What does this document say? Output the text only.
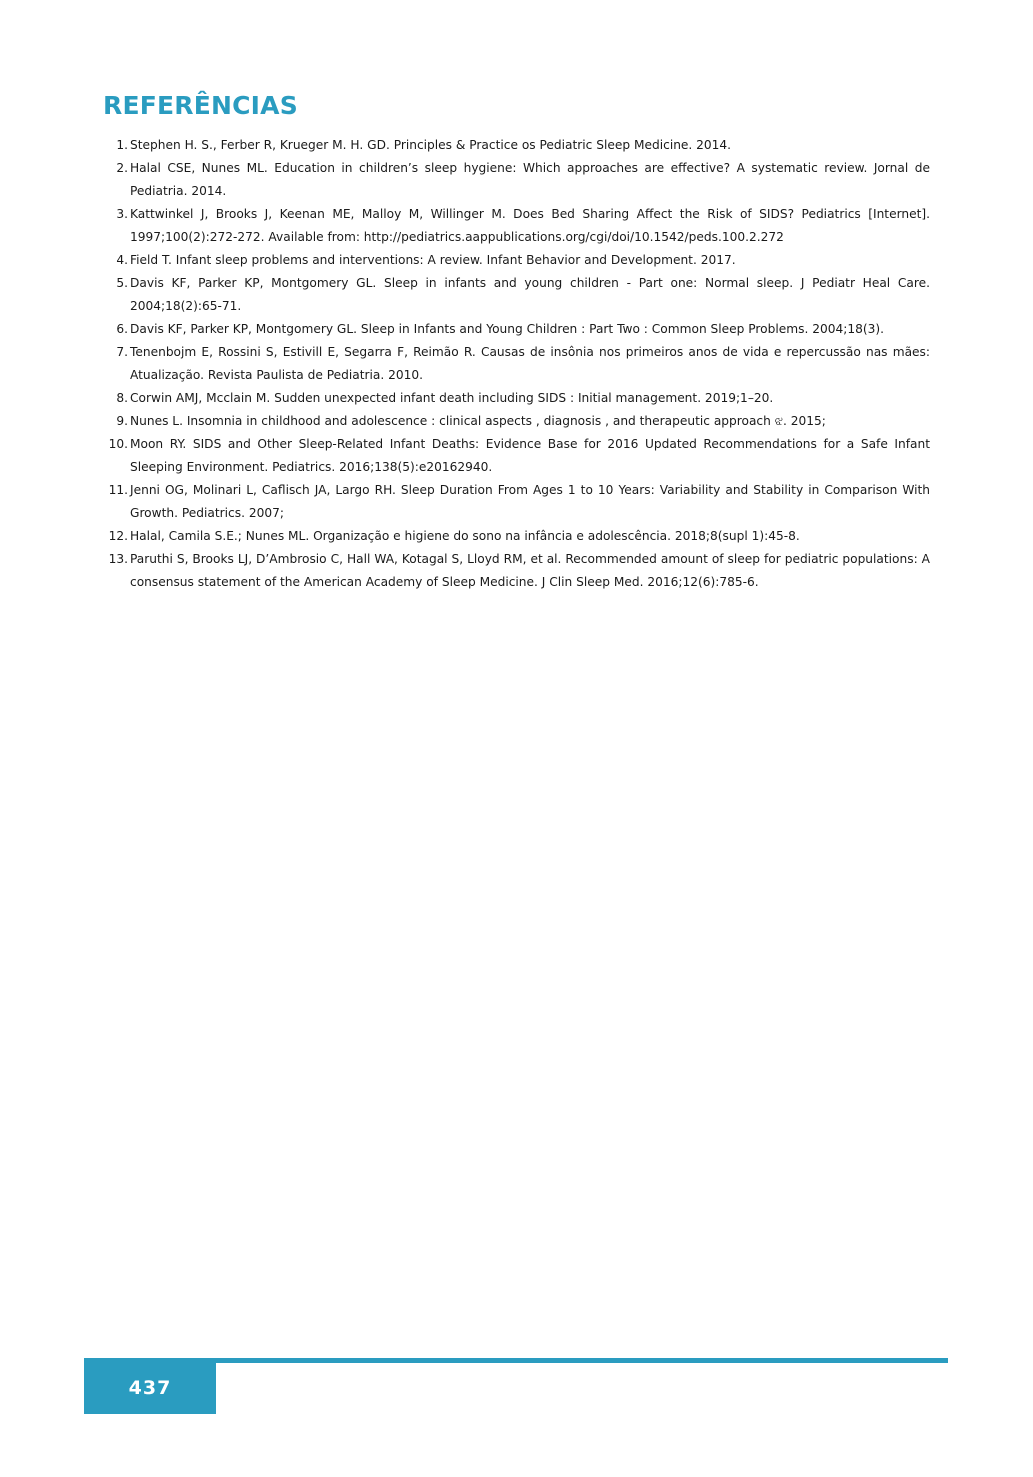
REFERÊNCIAS
1. Stephen H. S., Ferber R, Krueger M. H. GD. Principles & Practice os Pediatric Sleep Medicine. 2014.
2. Halal CSE, Nunes ML. Education in children’s sleep hygiene: Which approaches are effective? A systematic review. Jornal de Pediatria. 2014.
3. Kattwinkel J, Brooks J, Keenan ME, Malloy M, Willinger M. Does Bed Sharing Affect the Risk of SIDS? Pediatrics [Internet]. 1997;100(2):272-272. Available from: http://pediatrics.aappublications.org/cgi/doi/10.1542/peds.100.2.272
4. Field T. Infant sleep problems and interventions: A review. Infant Behavior and Development. 2017.
5. Davis KF, Parker KP, Montgomery GL. Sleep in infants and young children - Part one: Normal sleep. J Pediatr Heal Care. 2004;18(2):65-71.
6. Davis KF, Parker KP, Montgomery GL. Sleep in Infants and Young Children : Part Two : Common Sleep Problems. 2004;18(3).
7. Tenenbojm E, Rossini S, Estivill E, Segarra F, Reimão R. Causas de insônia nos primeiros anos de vida e repercussão nas mães: Atualização. Revista Paulista de Pediatria. 2010.
8. Corwin AMJ, Mcclain M. Sudden unexpected infant death including SIDS : Initial management. 2019;1–20.
9. Nunes L. Insomnia in childhood and adolescence : clinical aspects , diagnosis , and therapeutic approach ଝ. 2015;
10. Moon RY. SIDS and Other Sleep-Related Infant Deaths: Evidence Base for 2016 Updated Recommendations for a Safe Infant Sleeping Environment. Pediatrics. 2016;138(5):e20162940.
11. Jenni OG, Molinari L, Caflisch JA, Largo RH. Sleep Duration From Ages 1 to 10 Years: Variability and Stability in Comparison With Growth. Pediatrics. 2007;
12. Halal, Camila S.E.; Nunes ML. Organização e higiene do sono na infância e adolescência. 2018;8(supl 1):45-8.
13. Paruthi S, Brooks LJ, D’Ambrosio C, Hall WA, Kotagal S, Lloyd RM, et al. Recommended amount of sleep for pediatric populations: A consensus statement of the American Academy of Sleep Medicine. J Clin Sleep Med. 2016;12(6):785-6.
437
